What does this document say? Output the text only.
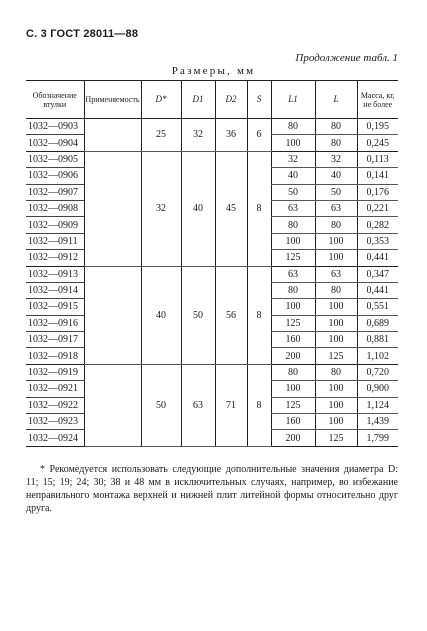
С. 3 ГОСТ 28011—88
Продолжение табл. 1
Размеры, мм
Обозначение втулки	Применяемость	D*	D1	D2	S	L1	L	Масса, кг, не более
1032—0903		25	32	36	6	80	80	0,195
1032—0904						100	80	0,245
1032—0905		32	40	45	8	32	32	0,113
1032—0906						40	40	0,141
1032—0907						50	50	0,176
1032—0908						63	63	0,221
1032—0909						80	80	0,282
1032—0911						100	100	0,353
1032—0912						125	100	0,441
1032—0913		40	50	56	8	63	63	0,347
1032—0914						80	80	0,441
1032—0915						100	100	0,551
1032—0916						125	100	0,689
1032—0917						160	100	0,881
1032—0918						200	125	1,102
1032—0919		50	63	71	8	80	80	0,720
1032—0921						100	100	0,900
1032—0922						125	100	1,124
1032—0923						160	100	1,439
1032—0924						200	125	1,799
* Рекомедуется использовать следующие дополнительные значения диаметра D: 11; 15; 19; 24; 30; 38 и 48 мм в исключительных случаях, например, во избежание неправильного монтажа верхней и нижней плит литейной формы относительно друг друга.
